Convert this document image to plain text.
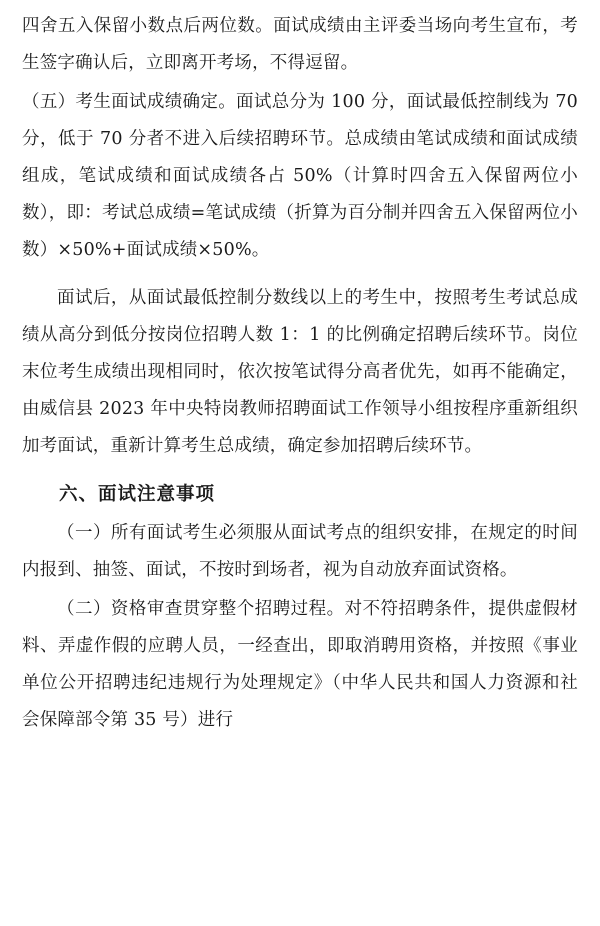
四舍五入保留小数点后两位数。面试成绩由主评委当场向考生宣布，考生签字确认后，立即离开考场，不得逗留。

（五）考生面试成绩确定。面试总分为 100 分，面试最低控制线为 70 分，低于 70 分者不进入后续招聘环节。总成绩由笔试成绩和面试成绩组成，笔试成绩和面试成绩各占 50%（计算时四舍五入保留两位小数），即：考试总成绩=笔试成绩（折算为百分制并四舍五入保留两位小数）×50%+面试成绩×50%。

面试后，从面试最低控制分数线以上的考生中，按照考生考试总成绩从高分到低分按岗位招聘人数 1：1 的比例确定招聘后续环节。岗位末位考生成绩出现相同时，依次按笔试得分高者优先，如再不能确定，由威信县 2023 年中央特岗教师招聘面试工作领导小组按程序重新组织加考面试，重新计算考生总成绩，确定参加招聘后续环节。

六、面试注意事项

（一）所有面试考生必须服从面试考点的组织安排，在规定的时间内报到、抽签、面试，不按时到场者，视为自动放弃面试资格。

（二）资格审查贯穿整个招聘过程。对不符招聘条件，提供虚假材料、弄虚作假的应聘人员，一经查出，即取消聘用资格，并按照《事业单位公开招聘违纪违规行为处理规定》（中华人民共和国人力资源和社会保障部令第 35 号）进行
